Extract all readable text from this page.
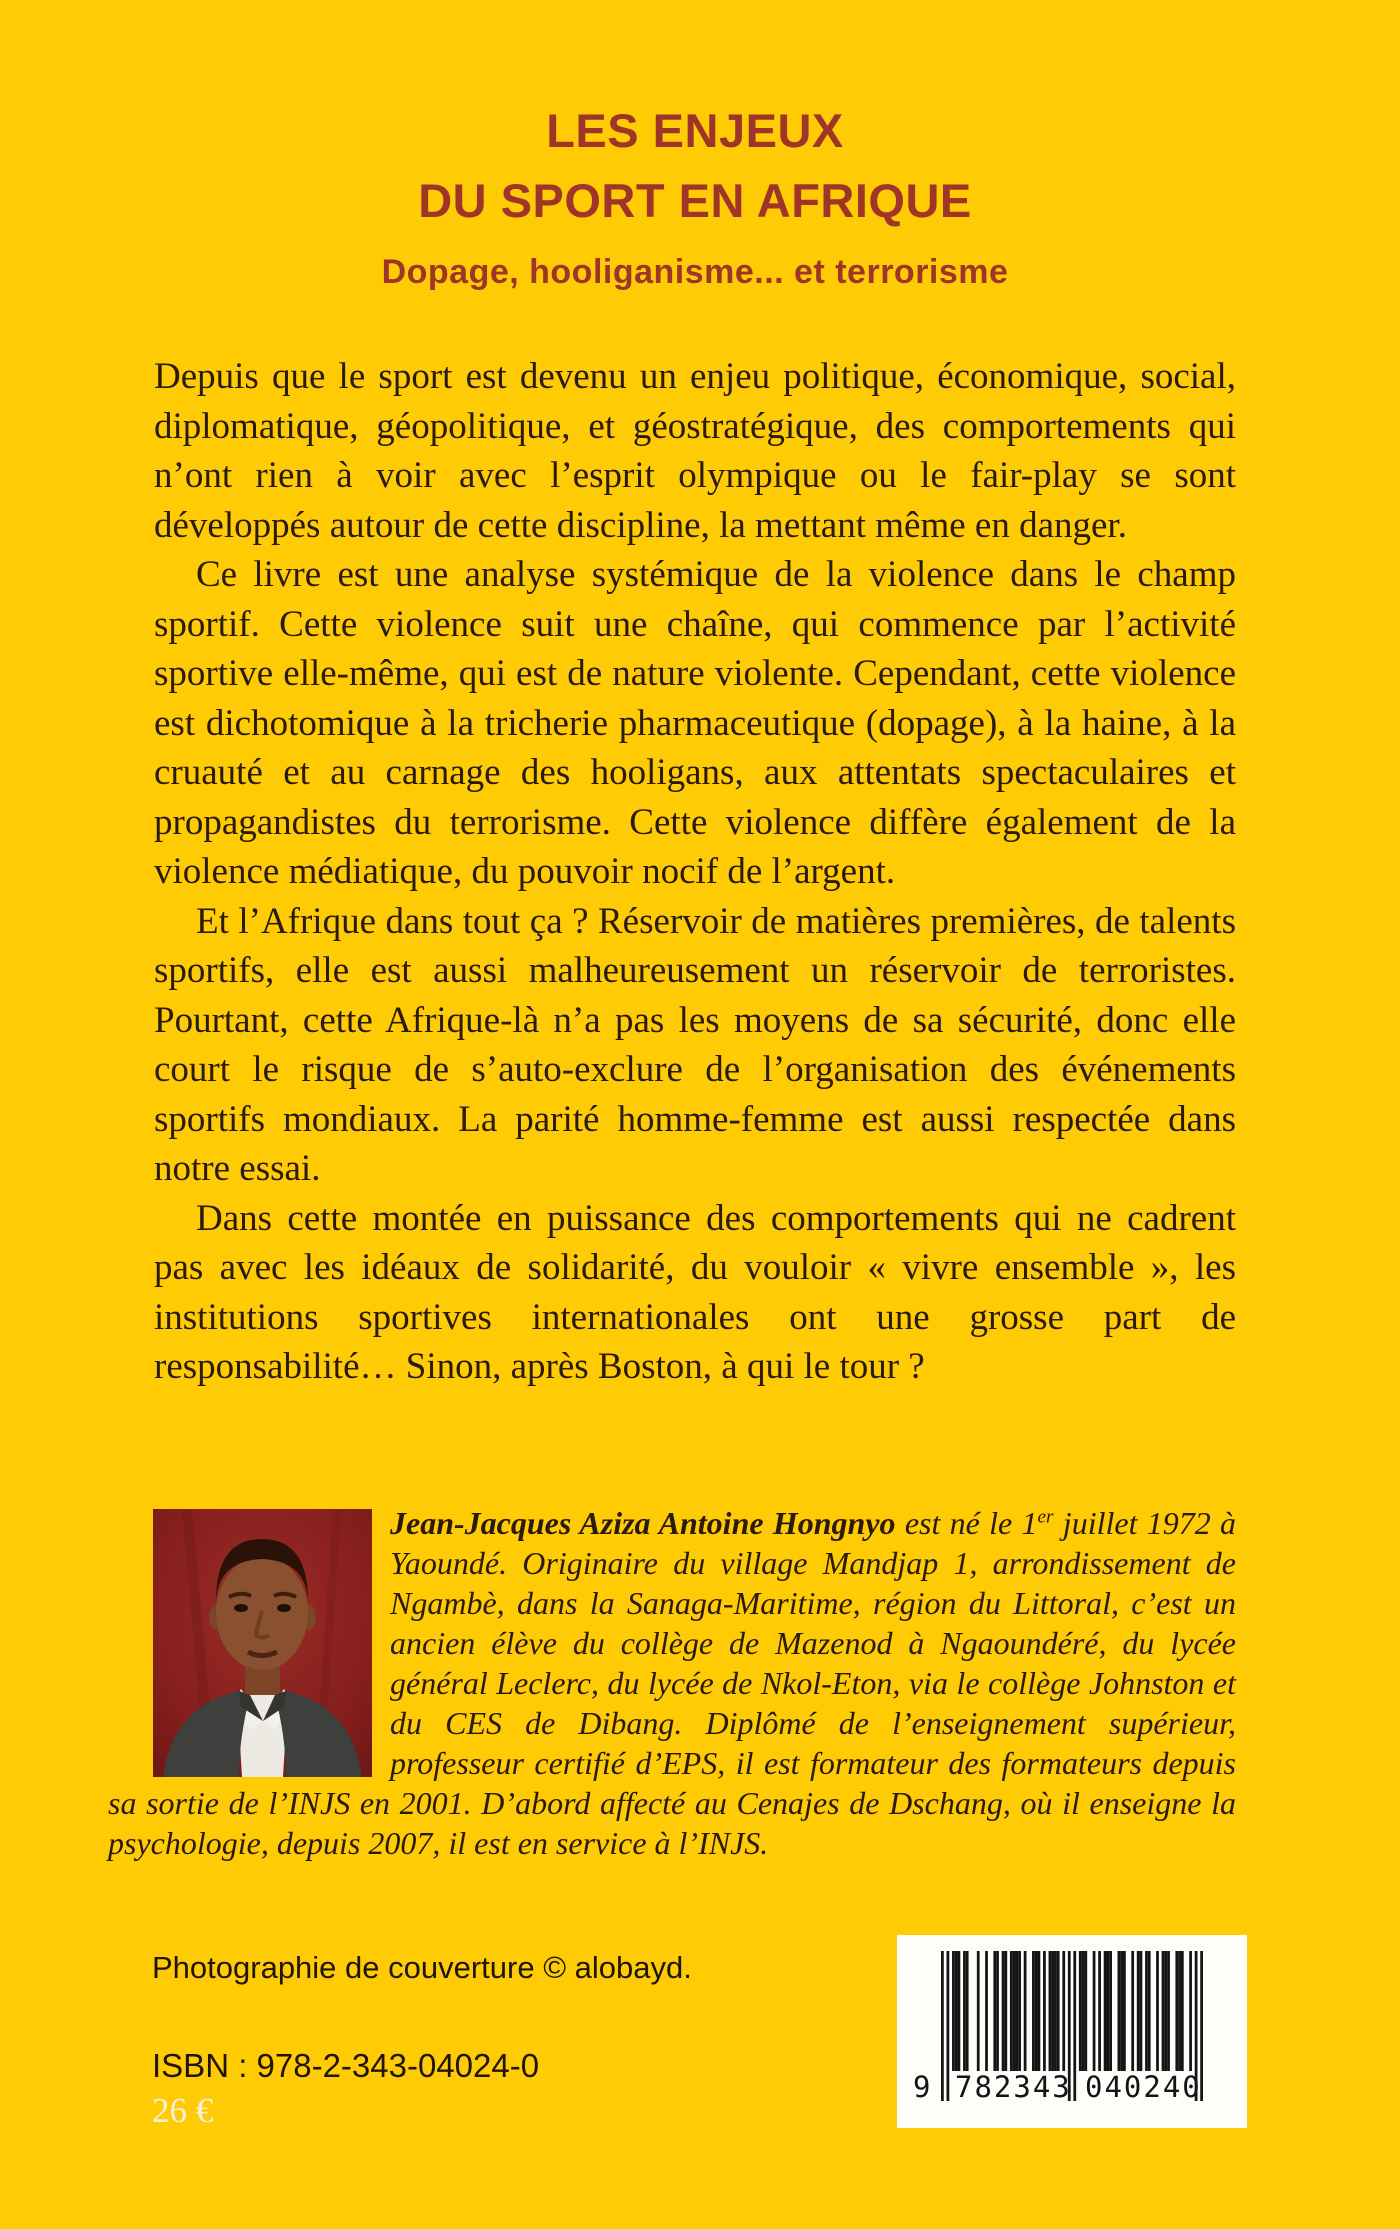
LES ENJEUX
DU SPORT EN AFRIQUE
Dopage, hooliganisme... et terrorisme

Depuis que le sport est devenu un enjeu politique, économique, social, diplomatique, géopolitique, et géostratégique, des comportements qui n’ont rien à voir avec l’esprit olympique ou le fair-play se sont développés autour de cette discipline, la mettant même en danger.

Ce livre est une analyse systémique de la violence dans le champ sportif. Cette violence suit une chaîne, qui commence par l’activité sportive elle-même, qui est de nature violente. Cependant, cette violence est dichotomique à la tricherie pharmaceutique (dopage), à la haine, à la cruauté et au carnage des hooligans, aux attentats spectaculaires et propagandistes du terrorisme. Cette violence diffère également de la violence médiatique, du pouvoir nocif de l’argent.

Et l’Afrique dans tout ça ? Réservoir de matières premières, de talents sportifs, elle est aussi malheureusement un réservoir de terroristes. Pourtant, cette Afrique-là n’a pas les moyens de sa sécurité, donc elle court le risque de s’auto-exclure de l’organisation des événements sportifs mondiaux. La parité homme-femme est aussi respectée dans notre essai.

Dans cette montée en puissance des comportements qui ne cadrent pas avec les idéaux de solidarité, du vouloir « vivre ensemble », les institutions sportives internationales ont une grosse part de responsabilité… Sinon, après Boston, à qui le tour ?

Jean-Jacques Aziza Antoine Hongnyo est né le 1er juillet 1972 à Yaoundé. Originaire du village Mandjap 1, arrondissement de Ngambè, dans la Sanaga-Maritime, région du Littoral, c’est un ancien élève du collège de Mazenod à Ngaoundéré, du lycée général Leclerc, du lycée de Nkol-Eton, via le collège Johnston et du CES de Dibang. Diplômé de l’enseignement supérieur, professeur certifié d’EPS, il est formateur des formateurs depuis sa sortie de l’INJS en 2001. D’abord affecté au Cenajes de Dschang, où il enseigne la psychologie, depuis 2007, il est en service à l’INJS.
Photographie de couverture © alobayd.
ISBN : 978-2-343-04024-0
26 €
9 782343 040240
